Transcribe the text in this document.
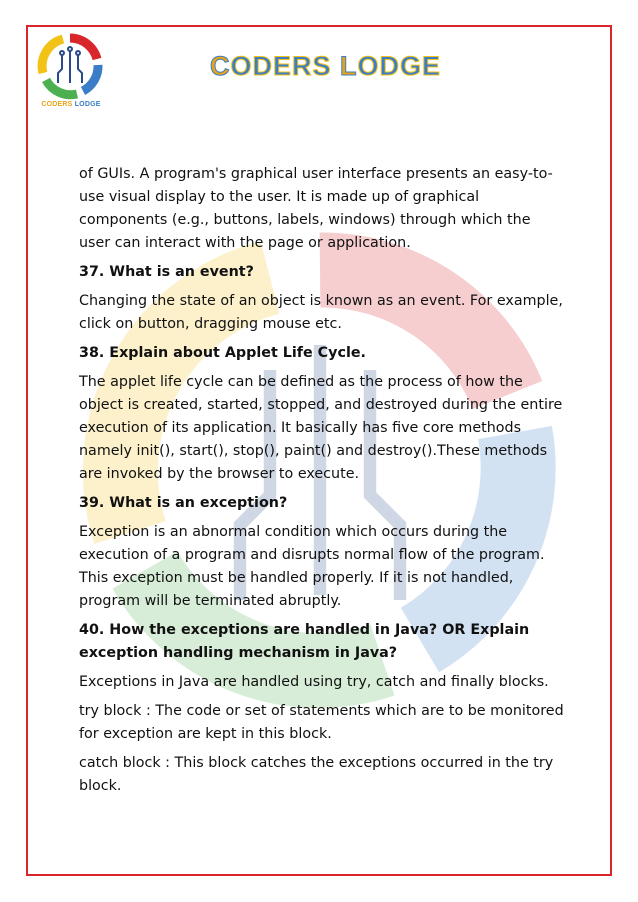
CODERS LODGE
CODERS LODGE

of GUIs. A program's graphical user interface presents an easy-to-use visual display to the user. It is made up of graphical components (e.g., buttons, labels, windows) through which the user can interact with the page or application.

37. What is an event?

Changing the state of an object is known as an event. For example, click on button, dragging mouse etc.

38. Explain about Applet Life Cycle.

The applet life cycle can be defined as the process of how the object is created, started, stopped, and destroyed during the entire execution of its application. It basically has five core methods namely init(), start(), stop(), paint() and destroy().These methods are invoked by the browser to execute.

39. What is an exception?

Exception is an abnormal condition which occurs during the execution of a program and disrupts normal flow of the program. This exception must be handled properly. If it is not handled, program will be terminated abruptly.

40. How the exceptions are handled in Java? OR Explain exception handling mechanism in Java?

Exceptions in Java are handled using try, catch and finally blocks.

try block : The code or set of statements which are to be monitored for exception are kept in this block.

catch block : This block catches the exceptions occurred in the try block.
